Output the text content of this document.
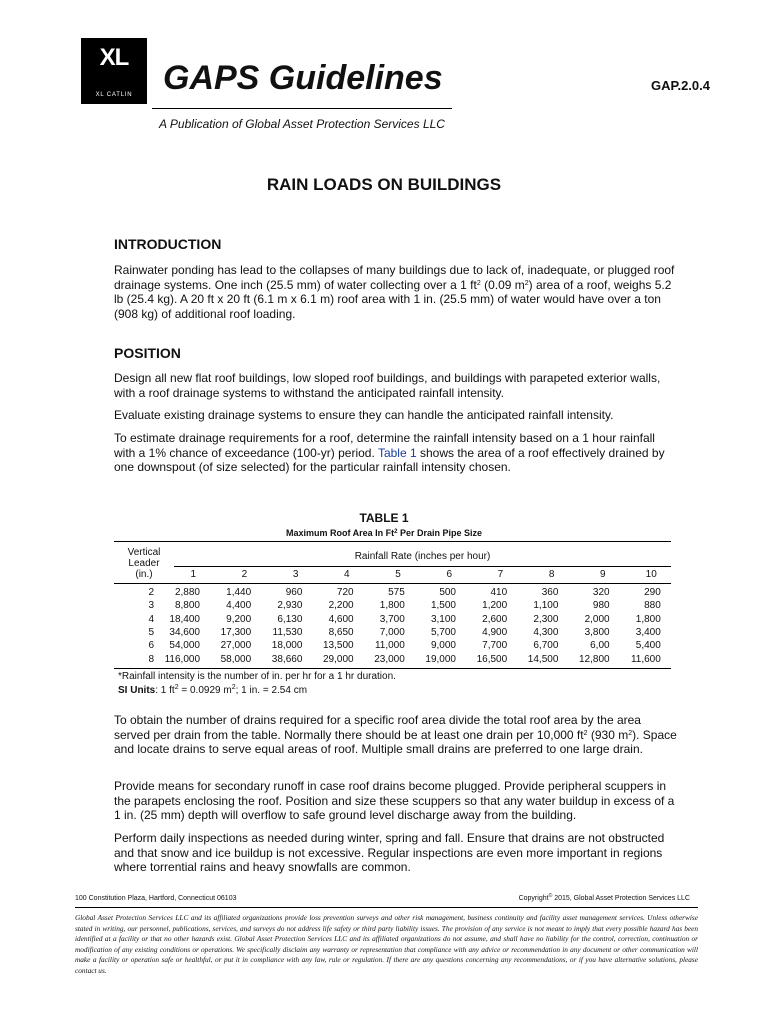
XL
XL CATLIN GAPS Guidelines	GAP.2.0.4
A Publication of Global Asset Protection Services LLC
RAIN LOADS ON BUILDINGS
INTRODUCTION
Rainwater ponding has lead to the collapses of many buildings due to lack of, inadequate, or plugged roof drainage systems. One inch (25.5 mm) of water collecting over a 1 $ft^2$ (0.09 $m^2$) area of a roof, weighs 5.2 lb (25.4 kg). A 20 ft x 20 ft (6.1 m x 6.1 m) roof area with 1 in. (25.5 mm) of water would have over a ton (908 kg) of additional roof loading.
POSITION
Design all new flat roof buildings, low sloped roof buildings, and buildings with parapeted exterior walls, with a roof drainage systems to withstand the anticipated rainfall intensity.
Evaluate existing drainage systems to ensure they can handle the anticipated rainfall intensity.
To estimate drainage requirements for a roof, determine the rainfall intensity based on a 1 hour rainfall with a 1% chance of exceedance (100-yr) period. Table 1 shows the area of a roof effectively drained by one downspout (of size selected) for the particular rainfall intensity chosen.
TABLE 1
Maximum Roof Area In Ft$^2$ Per Drain Pipe Size
Vertical
Leader
(in.)
Rainfall Rate (inches per hour)
1	2	3	4	5	6	7	8	9	10
2	2,880	1,440	960	720	575	500	410	360	320	290
3	8,800	4,400	2,930	2,200	1,800	1,500	1,200	1,100	980	880
4	18,400	9,200	6,130	4,600	3,700	3,100	2,600	2,300	2,000	1,800
5	34,600	17,300	11,530	8,650	7,000	5,700	4,900	4,300	3,800	3,400
6	54,000	27,000	18,000	13,500	11,000	9,000	7,700	6,700	6,00	5,400
8	116,000	58,000	38,660	29,000	23,000	19,000	16,500	14,500	12,800	11,600
*Rainfall intensity is the number of in. per hr for a 1 hr duration.
SI Units: 1 $ft^2 = 0.0929$ $m^2$; 1 in. = 2.54 cm
To obtain the number of drains required for a specific roof area divide the total roof area by the area served per drain from the table. Normally there should be at least one drain per 10,000 $ft^2$ (930 $m^2$). Space and locate drains to serve equal areas of roof. Multiple small drains are preferred to one large drain.
Provide means for secondary runoff in case roof drains become plugged. Provide peripheral scuppers in the parapets enclosing the roof. Position and size these scuppers so that any water buildup in excess of a 1 in. (25 mm) depth will overflow to safe ground level discharge away from the building.
Perform daily inspections as needed during winter, spring and fall. Ensure that drains are not obstructed and that snow and ice buildup is not excessive. Regular inspections are even more important in regions where torrential rains and heavy snowfalls are common.
100 Constitution Plaza, Hartford, Connecticut 06103	Copyright© 2015, Global Asset Protection Services LLC
Global Asset Protection Services LLC and its affiliated organizations provide loss prevention surveys and other risk management, business continuity and facility asset management services. Unless otherwise stated in writing, our personnel, publications, services, and surveys do not address life safety or third party liability issues. The provision of any service is not meant to imply that every possible hazard has been identified at a facility or that no other hazards exist. Global Asset Protection Services LLC and its affiliated organizations do not assume, and shall have no liability for the control, correction, continuation or modification of any existing conditions or operations. We specifically disclaim any warranty or representation that compliance with any advice or recommendation in any document or other communication will make a facility or operation safe or healthful, or put it in compliance with any law, rule or regulation. If there are any questions concerning any recommendations, or if you have alternative solutions, please contact us.
